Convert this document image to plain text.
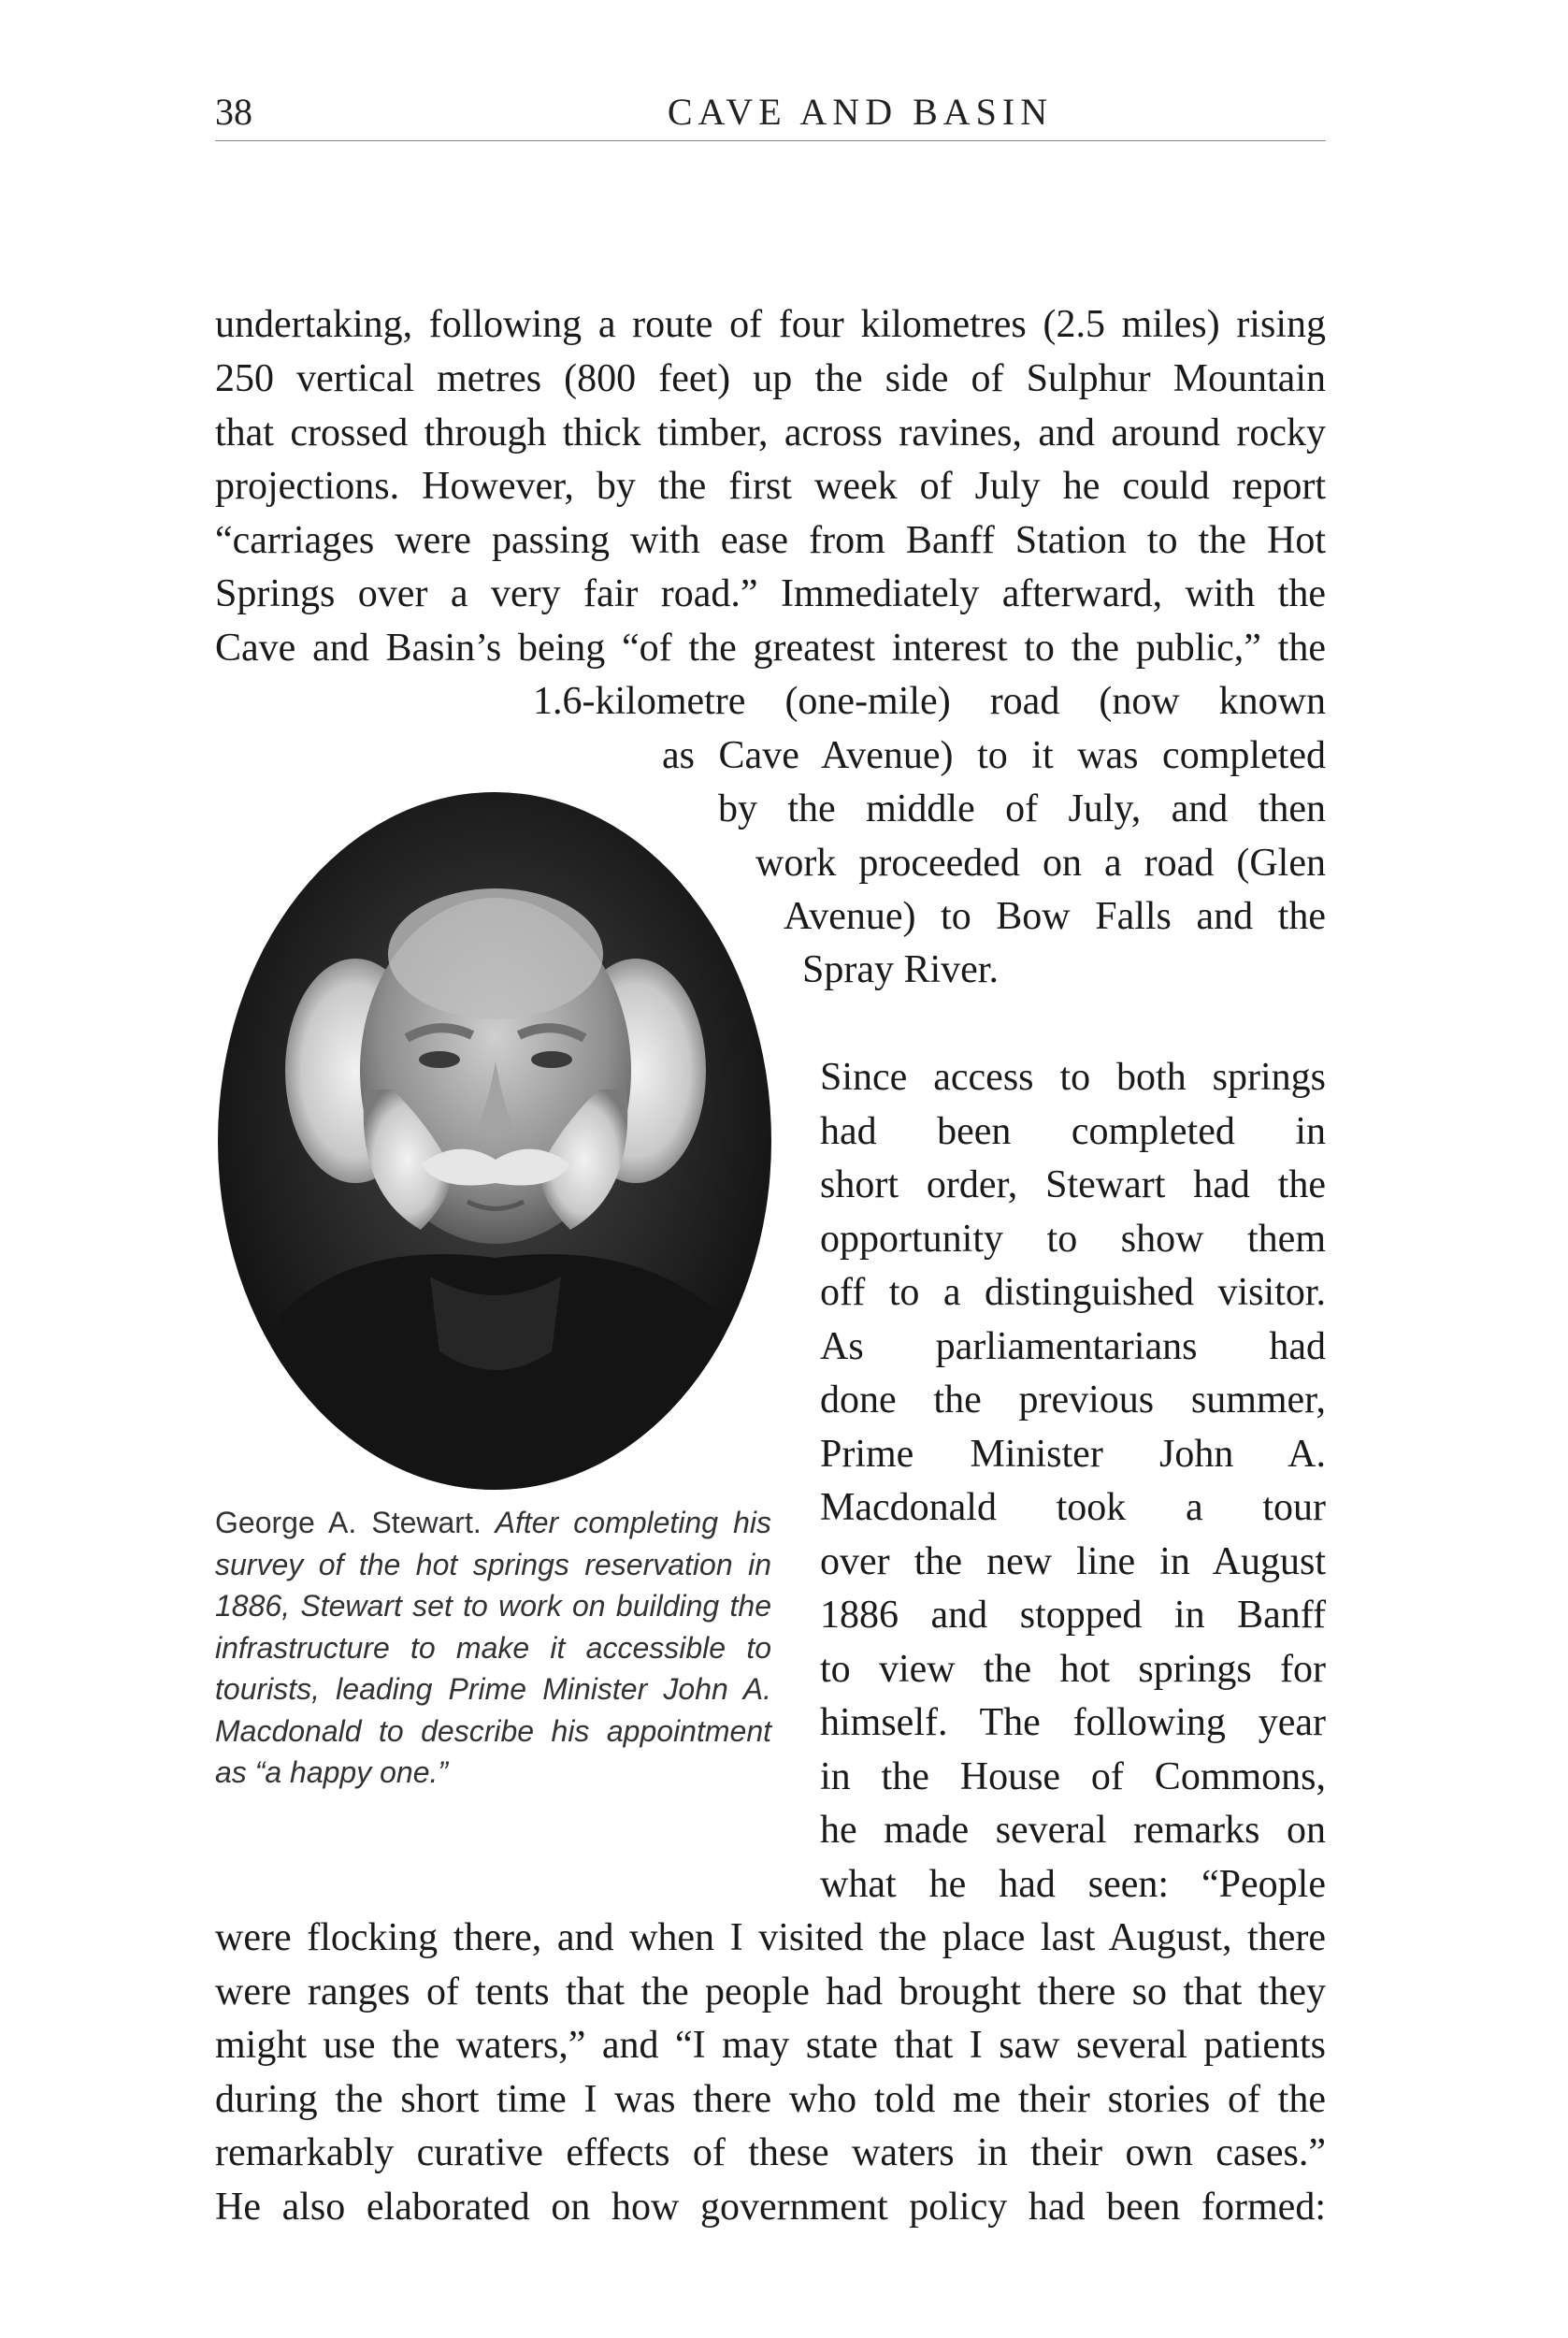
38	CAVE AND BASIN
undertaking, following a route of four kilometres (2.5 miles) rising
250 vertical metres (800 feet) up the side of Sulphur Mountain
that crossed through thick timber, across ravines, and around rocky
projections. However, by the first week of July he could report
“carriages were passing with ease from Banff Station to the Hot
Springs over a very fair road.” Immediately afterward, with the
Cave and Basin’s being “of the greatest interest to the public,” the
1.6-kilometre (one-mile) road (now known
as Cave Avenue) to it was completed
by the middle of July, and then
work proceeded on a road (Glen
Avenue) to Bow Falls and the
Spray River.
Since access to both springs
had been completed in
short order, Stewart had the
opportunity to show them
off to a distinguished visitor.
As parliamentarians had
done the previous summer,
Prime Minister John A.
Macdonald took a tour
over the new line in August
1886 and stopped in Banff
to view the hot springs for
himself. The following year
in the House of Commons,
he made several remarks on
what he had seen: “People
were flocking there, and when I visited the place last August, there
were ranges of tents that the people had brought there so that they
might use the waters,” and “I may state that I saw several patients
during the short time I was there who told me their stories of the
remarkably curative effects of these waters in their own cases.”
He also elaborated on how government policy had been formed:
George A. Stewart. After completing his
survey of the hot springs reservation in
1886, Stewart set to work on building the
infrastructure to make it accessible to
tourists, leading Prime Minister John A.
Macdonald to describe his appointment
as “a happy one.”
